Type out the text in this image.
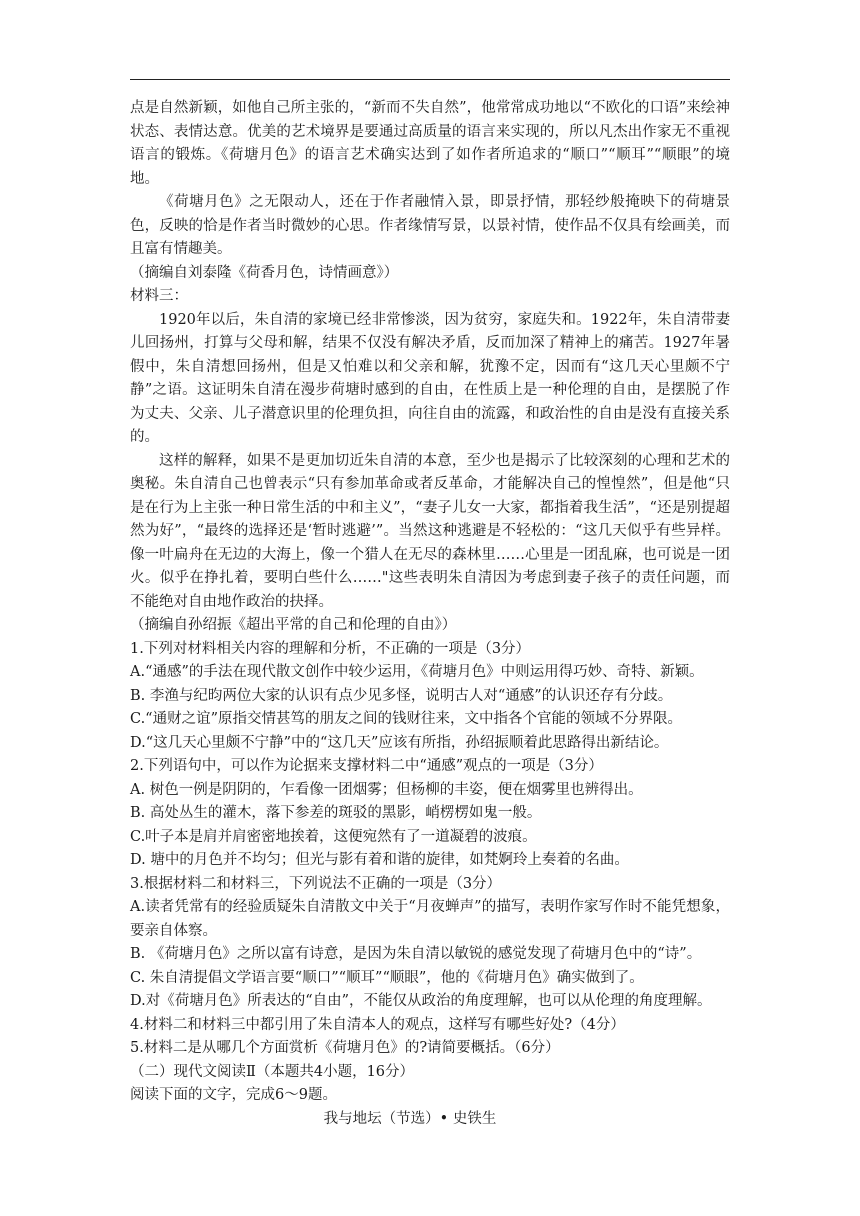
点是自然新颖，如他自己所主张的，“新而不失自然”，他常常成功地以“不欧化的口语”来绘神状态、表情达意。优美的艺术境界是要通过高质量的语言来实现的，所以凡杰出作家无不重视语言的锻炼。《荷塘月色》的语言艺术确实达到了如作者所追求的“顺口”“顺耳”“顺眼”的境地。

《荷塘月色》之无限动人，还在于作者融情入景，即景抒情，那轻纱般掩映下的荷塘景色，反映的恰是作者当时微妙的心思。作者缘情写景，以景衬情，使作品不仅具有绘画美，而且富有情趣美。

（摘编自刘泰隆《荷香月色，诗情画意》）

材料三：

1920年以后，朱自清的家境已经非常惨淡，因为贫穷，家庭失和。1922年，朱自清带妻儿回扬州，打算与父母和解，结果不仅没有解决矛盾，反而加深了精神上的痛苦。1927年暑假中，朱自清想回扬州，但是又怕难以和父亲和解，犹豫不定，因而有“这几天心里颇不宁静”之语。这证明朱自清在漫步荷塘时感到的自由，在性质上是一种伦理的自由，是摆脱了作为丈夫、父亲、儿子潜意识里的伦理负担，向往自由的流露，和政治性的自由是没有直接关系的。

这样的解释，如果不是更加切近朱自清的本意，至少也是揭示了比较深刻的心理和艺术的奥秘。朱自清自己也曾表示“只有参加革命或者反革命，才能解决自己的惶惶然”，但是他“只是在行为上主张一种日常生活的中和主义”，“妻子儿女一大家，都指着我生活”，“还是别提超然为好”，“最终的选择还是‘暂时逃避’”。当然这种逃避是不轻松的：“这几天似乎有些异样。像一叶扁舟在无边的大海上，像一个猎人在无尽的森林里……心里是一团乱麻，也可说是一团火。似乎在挣扎着，要明白些什么……"这些表明朱自清因为考虑到妻子孩子的责任问题，而不能绝对自由地作政治的抉择。

（摘编自孙绍振《超出平常的自己和伦理的自由》）

1.下列对材料相关内容的理解和分析，不正确的一项是（3分）

A.“通感”的手法在现代散文创作中较少运用，《荷塘月色》中则运用得巧妙、奇特、新颖。

B. 李渔与纪昀两位大家的认识有点少见多怪，说明古人对“通感”的认识还存有分歧。

C.“通财之谊”原指交情甚笃的朋友之间的钱财往来，文中指各个官能的领域不分界限。

D.“这几天心里颇不宁静”中的“这几天”应该有所指，孙绍振顺着此思路得出新结论。

2.下列语句中，可以作为论据来支撑材料二中“通感”观点的一项是（3分）

A. 树色一例是阴阴的，乍看像一团烟雾；但杨柳的丰姿，便在烟雾里也辨得出。

B. 高处丛生的灌木，落下参差的斑驳的黑影，峭楞楞如鬼一般。

C.叶子本是肩并肩密密地挨着，这便宛然有了一道凝碧的波痕。

D. 塘中的月色并不均匀；但光与影有着和谐的旋律，如梵婀玲上奏着的名曲。

3.根据材料二和材料三，下列说法不正确的一项是（3分）

A.读者凭常有的经验质疑朱自清散文中关于“月夜蝉声”的描写，表明作家写作时不能凭想象，要亲自体察。

B. 《荷塘月色》之所以富有诗意，是因为朱自清以敏锐的感觉发现了荷塘月色中的“诗”。

C. 朱自清提倡文学语言要“顺口”“顺耳”“顺眼”，他的《荷塘月色》确实做到了。

D.对《荷塘月色》所表达的“自由”，不能仅从政治的角度理解，也可以从伦理的角度理解。

4.材料二和材料三中都引用了朱自清本人的观点，这样写有哪些好处?（4分）

5.材料二是从哪几个方面赏析《荷塘月色》的?请简要概括。（6分）

（二）现代文阅读Ⅱ（本题共4小题，16分）

阅读下面的文字，完成6～9题。

我与地坛（节选）• 史铁生
